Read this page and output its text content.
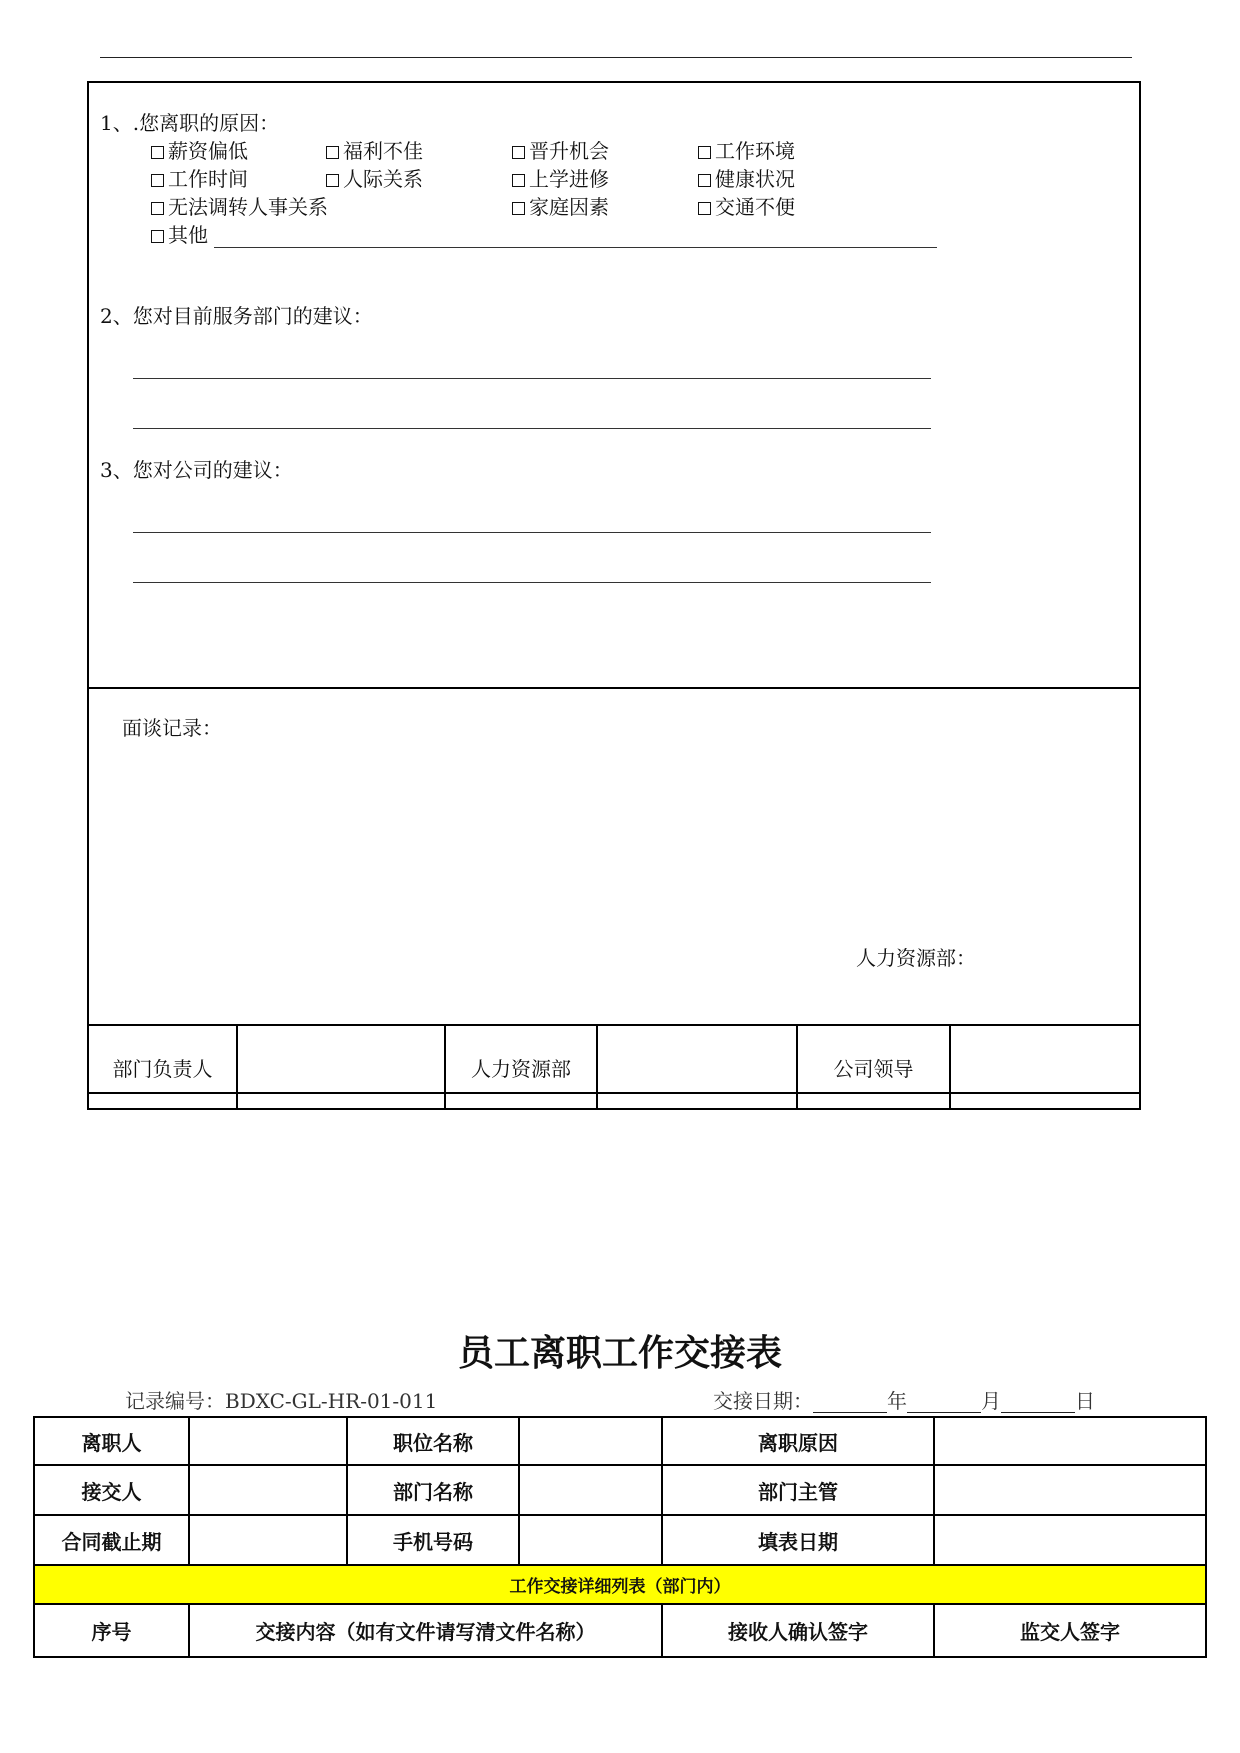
1、.您离职的原因：
薪资偏低	福利不佳	晋升机会	工作环境
工作时间	人际关系	上学进修	健康状况
无法调转人事关系	家庭因素	交通不便
其他
2、您对目前服务部门的建议：
3、您对公司的建议：
面谈记录：
人力资源部：
部门负责人		人力资源部		公司领导	
员工离职工作交接表
记录编号：BDXC-GL-HR-01-011	交接日期：	年	月	日
离职人		职位名称		离职原因	
接交人		部门名称		部门主管	
合同截止期		手机号码		填表日期	
工作交接详细列表（部门内）					
序号	交接内容（如有文件请写清文件名称）			接收人确认签字	监交人签字
